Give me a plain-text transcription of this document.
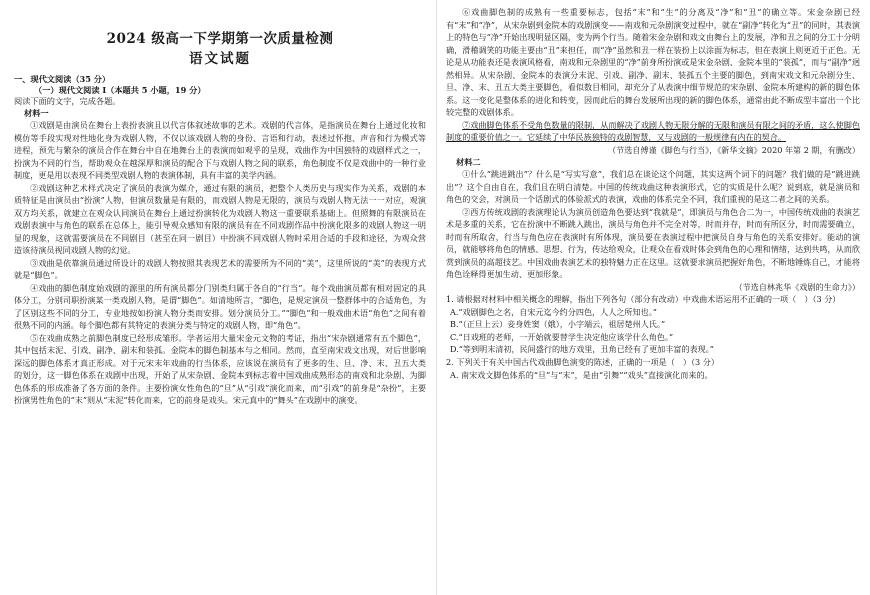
2024 级高一下学期第一次质量检测
语文试题
一、现代文阅读（35 分）
（一）现代文阅读 I（本题共 5 小题，19 分）
阅读下面的文字，完成各题。
材料一

①戏剧是由演员在舞台上表扮表演且以代言体叙述故事的艺术。戏剧的代言体，是指演员在舞台上通过化妆和模仿等手段实现对性地化身为戏剧人物，不仅以该戏剧人物的身份、言语和行动，表述过怀抱、声音和行为模式等进程，预先与繁杂的演员合作在舞台中自在地舞台上的表演而如观乎的呈现，戏曲作为中国独特的戏剧样式之一，扮演为不同的行当，帮助观众在越深厚和演员的配合下与戏剧人物之间的联系，角色制度不仅是戏曲中的一种行业制度，更是用以表现不同类型戏剧人物的表演体制，具有丰富的美学内涵。

②戏剧这种艺术样式决定了演员的表演为媒介，通过有限的演员，把整个人类历史与现实作为关系，戏剧的本质特征是由演员由“扮演”人物，但演员数量是有限的，而戏剧人物是无限的，演员与戏剧人物无法一一对应，观演双方均关系，就建立在观众认同演员在舞台上通过扮演转化为戏剧人物这一重要联系基础上。但照舞的有限演员在戏剧表演中与角色的联系在总体上，能引导观众感知有限的演员有在不同戏剧作品中扮演化限多的戏剧人物这一明显的现象，这就需要演员在不同剧目（甚至在同一剧目）中扮演不同戏剧人物时采用合适的手段和途径，为观众营造该待演员视同戏剧人物的幻觉。

③戏曲是依靠演员通过所设计的戏剧人物按照其表现艺术的需要所为不同的“美”，这里所说的“美”的表现方式就是“脚色”。

④戏曲的脚色制度始戏剧的源里的所有演员都分门别类归属于各自的“行当”。每个戏曲演员都有相对固定的具体分工，分别司职扮演某一类戏剧人物，是谓“脚色”。如清地所言，“脚色，是规定演员一整群体中的合适角色，为了区别这些不同的分工，专业地按如扮演人物分类而安排。划分演员分工。”“脚色”和一般戏曲术语“角色”之间有着很熟不同的内涵。每个脚色都有其特定的表演分类与特定的戏剧人物，即“角色”。

⑤在戏曲成熟之前脚色制度已经形成雏形。学者运用大量宋金元文物的考证，指出“宋杂剧通常有五个脚色”，其中包括末泥、引戏、副净、副末和装孤。金院本的脚色制基本与之相同。然而，直至南宋戏文出现，对后世影响深远的脚色体系才真正形成。对于元宋末年戏曲的行当体系，应该说在演员有了更多的生、旦、净、末、丑五大类的划分，这一脚色体系在戏剧中出现，开始了从宋杂剧、金院本到标志着中国戏曲成熟形态的南戏和北杂剧、为脚色体系的形成准备了各方面的条件。主要扮演女性角色的“旦”从“引戏”演化而来，而“引戏”的前身是“杂扮”，主要扮演男性角色的“末”则从“末泥”转化而来，它的前身是戏头。宋元真中的“舞头”在戏剧中的演变。

⑥戏曲脚色制的成熟有一些重要标志，包括“末”和“生”的分离及“净”和“丑”的确立等。宋金杂剧已经有“末”和“净”，从宋杂剧到金院本的戏剧演变——南戏和元杂剧演变过程中，就在“副净”转化为“丑”的同时，其表演上的特色与“净”开始出现明显区隔，变为两个行当。随着宋金杂剧和戏文由舞台上的发展，净和丑之间的分工十分明确，滑稽调笑的功能主要由“丑”来担任，而“净”虽然和丑一样在装扮上以涂面为标志，但在表演上则更近于正色。无论是从功能表还是表演风格看，南戏和元杂剧里的“净”前身所扮演或是宋金杂剧、金院本里的“装孤”，而与“副净”迥然相异。从宋杂剧、金院本的表演分末泥、引戏、副净、副末、装孤五个主要的脚色，到南宋戏文和元杂剧分生、旦、净、末、丑五大类主要脚色，看似数目相同，却充分了从表演中细节规范的宋杂剧、金院本所建构的新的脚色体系。这一变化是整体系的进化和转变，因而此后的舞台发展所出现的新的脚色体系，通常由此不断成型丰富出一个比较完整的戏剧体系。

⑦戏曲脚色体系不受角色数量的限制，从而解决了戏剧人物无限分解的无限和演员有限之间的矛盾，这么使脚色制度的重要价值之一。它延续了中华民族独特的戏剧智慧，又与戏剧的一般规律有内在的契合。

（节选自傅谨《脚色与行当》，《新华文摘》2020 年第 2 期，有删改）
材料二

①什么“跳进跳出”？什么是“写实写意”，我们总在谈论这个问题，其实这两个词下的问题？我们做的是“跳进跳出”？这个自由自在，我们且在明白清楚。中国的传统戏曲这种表演形式，它的实质是什么呢？说到底，就是演员和角色的交会，对演员一个话剧式的体验派式的表演，戏曲的体系完全不同，我们重视的是这二者之间的关系。

②西方传统戏剧的表演理论认为演员创造角色要达到“我就是”，即演员与角色合二为一，中国传统戏曲的表演艺术是多重的关系，它在扮演中不断跳入跳出，演员与角色并不完全对等，时而并存，时而有所区分，时而需要确立，时而有所取舍，行当与角色应在表演时有所体现，演员要在表演过程中把演员自身与角色的关系安排好。能动的演员，就能够将角色的情感、思想、行为，传达给观众，让观众在看戏时体会到角色的心理和情绪，达到共鸣，从而欣赏到演员的高超技艺。中国戏曲表演艺术的独特魅力正在这里。这就要求演员把握好角色，不断地锤炼自己，才能将角色诠释得更加生动、更加形象。

（节选自林兆华《戏剧的生命力》）
1. 请根据对材料中相关概念的理解，指出下列各句（部分有改动）中戏曲术语运用不正确的一项（　）（3 分）
A.“戏剧脚色之名，自宋元迄今约分四色，人人之所知也。”
B.“（正旦上云）妾身姓窦（娥），小字端云，祖居楚州人氏。”
C.“日戏班的老师，一开始就要替学生决定他应该学什么角色。”
D.“等到明末清初，民间盛行的地方戏里，丑角已经有了更加丰富的表现。”
2. 下列关于有关中国古代戏曲脚色演变的陈述，正确的一项是（　）（3 分）
A. 南宋戏文脚色体系的“旦”与“末”，是由“引舞”“戏头”直接演化而来的。
